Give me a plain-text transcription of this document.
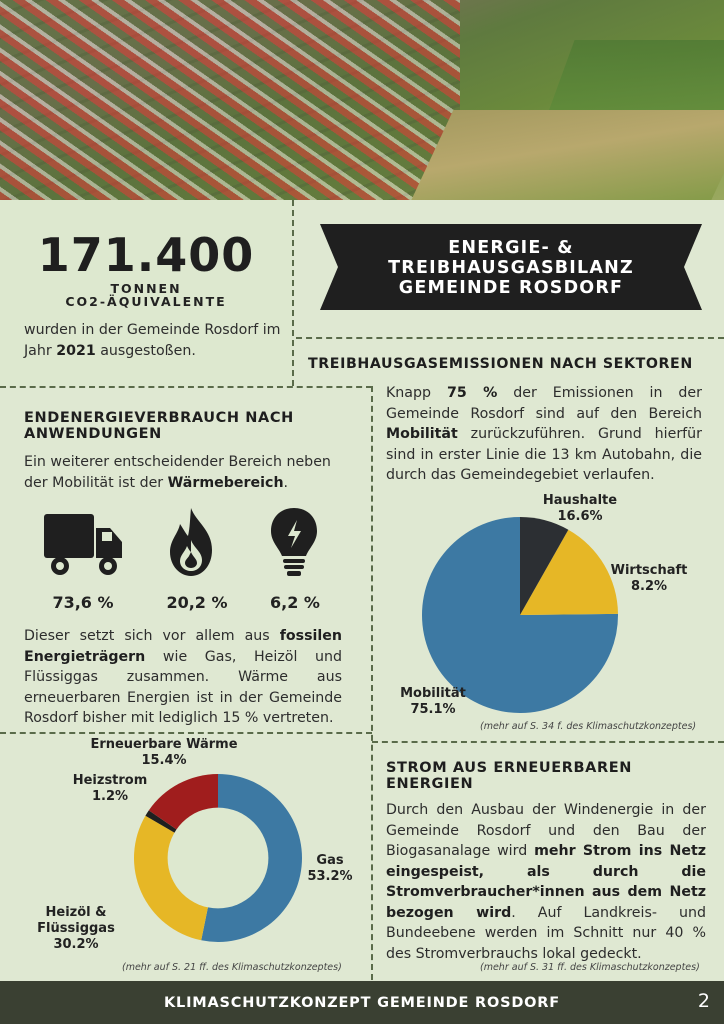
171.400
TONNEN
CO2-ÄQUIVALENTE
wurden in der Gemeinde Rosdorf im Jahr 2021 ausgestoßen.
ENERGIE- &
TREIBHAUSGASBILANZ
GEMEINDE ROSDORF
TREIBHAUSGASEMISSIONEN NACH SEKTOREN
Knapp 75 % der Emissionen in der Gemeinde Rosdorf sind auf den Bereich Mobilität zurückzuführen. Grund hierfür sind in erster Linie die 13 km Autobahn, die durch das Gemeindegebiet verlaufen.
Haushalte
16.6%
Wirtschaft
8.2%
Mobilität
75.1%
(mehr auf S. 34 f. des Klimaschutzkonzeptes)
ENDENERGIEVERBRAUCH NACH
ANWENDUNGEN
Ein weiterer entscheidender Bereich neben der Mobilität ist der Wärmebereich.
73,6 %	20,2 %	6,2 %
Dieser setzt sich vor allem aus fossilen Energieträgern wie Gas, Heizöl und Flüssiggas zusammen. Wärme aus erneuerbaren Energien ist in der Gemeinde Rosdorf bisher mit lediglich 15 % vertreten.
Erneuerbare Wärme
15.4%
Heizstrom
1.2%
Gas
53.2%
Heizöl & Flüssiggas
30.2%
(mehr auf S. 21 ff. des Klimaschutzkonzeptes)
STROM AUS ERNEUERBAREN
ENERGIEN
Durch den Ausbau der Windenergie in der Gemeinde Rosdorf und den Bau der Biogasanalage wird mehr Strom ins Netz eingespeist, als durch die Stromverbraucher*innen aus dem Netz bezogen wird. Auf Landkreis- und Bundeebene werden im Schnitt nur 40 % des Stromverbrauchs lokal gedeckt.
(mehr auf S. 31 ff. des Klimaschutzkonzeptes)
KLIMASCHUTZKONZEPT GEMEINDE ROSDORF	2
